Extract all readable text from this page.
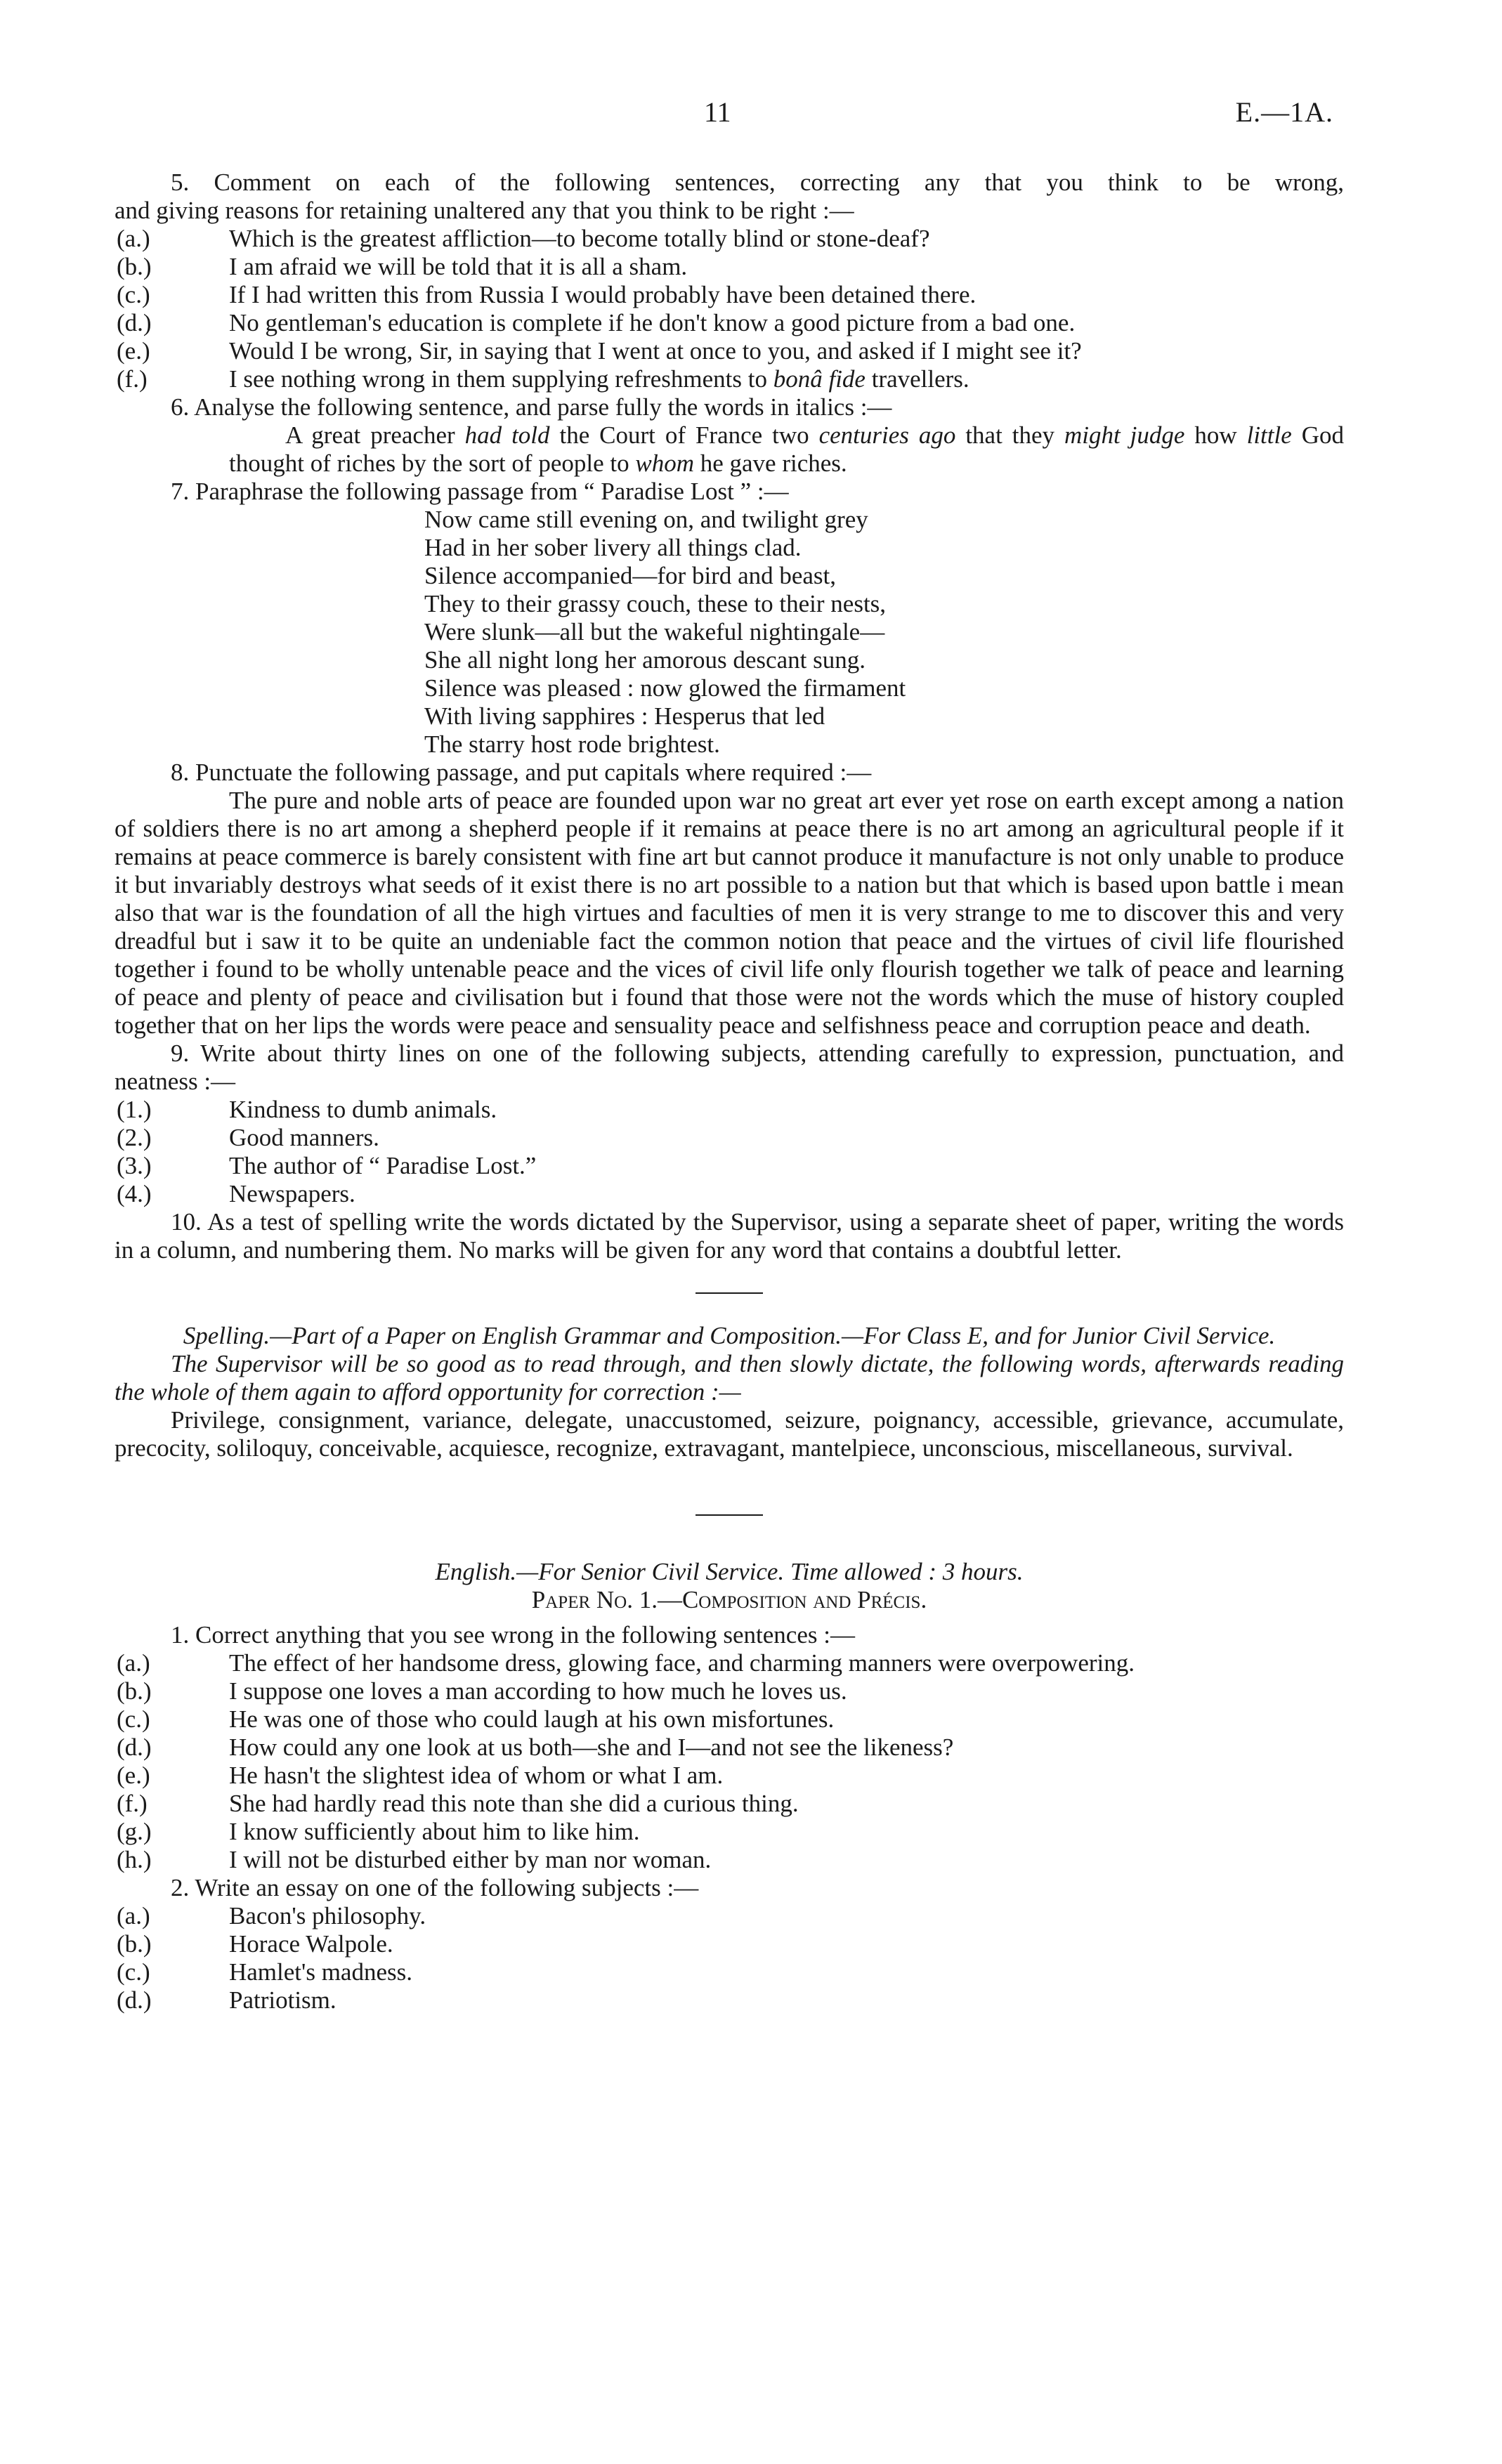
11	E.—1A.
5. Comment on each of the following sentences, correcting any that you think to be wrong,
and giving reasons for retaining unaltered any that you think to be right :—
(a.)	Which is the greatest affliction—to become totally blind or stone-deaf?
(b.)	I am afraid we will be told that it is all a sham.
(c.)	If I had written this from Russia I would probably have been detained there.
(d.)	No gentleman's education is complete if he don't know a good picture from a bad one.
(e.)	Would I be wrong, Sir, in saying that I went at once to you, and asked if I might see it?
(f.)	I see nothing wrong in them supplying refreshments to bonâ fide travellers.
6. Analyse the following sentence, and parse fully the words in italics :—
A great preacher had told the Court of France two centuries ago that they might judge how little God thought of riches by the sort of people to whom he gave riches.
7. Paraphrase the following passage from “ Paradise Lost ” :—
Now came still evening on, and twilight grey
Had in her sober livery all things clad.
Silence accompanied—for bird and beast,
They to their grassy couch, these to their nests,
Were slunk—all but the wakeful nightingale—
She all night long her amorous descant sung.
Silence was pleased : now glowed the firmament
With living sapphires : Hesperus that led
The starry host rode brightest.
8. Punctuate the following passage, and put capitals where required :—
The pure and noble arts of peace are founded upon war no great art ever yet rose on earth except among a nation of soldiers there is no art among a shepherd people if it remains at peace there is no art among an agricultural people if it remains at peace commerce is barely consistent with fine art but cannot produce it manufacture is not only unable to produce it but invariably destroys what seeds of it exist there is no art possible to a nation but that which is based upon battle i mean also that war is the foundation of all the high virtues and faculties of men it is very strange to me to discover this and very dreadful but i saw it to be quite an undeniable fact the common notion that peace and the virtues of civil life flourished together i found to be wholly untenable peace and the vices of civil life only flourish together we talk of peace and learning of peace and plenty of peace and civilisation but i found that those were not the words which the muse of history coupled together that on her lips the words were peace and sensuality peace and selfishness peace and corruption peace and death.
9. Write about thirty lines on one of the following subjects, attending carefully to expression, punctuation, and neatness :—
(1.)	Kindness to dumb animals.
(2.)	Good manners.
(3.)	The author of “ Paradise Lost.”
(4.)	Newspapers.
10. As a test of spelling write the words dictated by the Supervisor, using a separate sheet of paper, writing the words in a column, and numbering them. No marks will be given for any word that contains a doubtful letter.
Spelling.—Part of a Paper on English Grammar and Composition.—For Class E, and for Junior Civil Service.
The Supervisor will be so good as to read through, and then slowly dictate, the following words, afterwards reading the whole of them again to afford opportunity for correction :—
Privilege, consignment, variance, delegate, unaccustomed, seizure, poignancy, accessible, grievance, accumulate, precocity, soliloquy, conceivable, acquiesce, recognize, extravagant, mantelpiece, unconscious, miscellaneous, survival.
English.—For Senior Civil Service. Time allowed : 3 hours.
Paper No. 1.—Composition and Précis.
1. Correct anything that you see wrong in the following sentences :—
(a.)	The effect of her handsome dress, glowing face, and charming manners were overpowering.
(b.)	I suppose one loves a man according to how much he loves us.
(c.)	He was one of those who could laugh at his own misfortunes.
(d.)	How could any one look at us both—she and I—and not see the likeness?
(e.)	He hasn't the slightest idea of whom or what I am.
(f.)	She had hardly read this note than she did a curious thing.
(g.)	I know sufficiently about him to like him.
(h.)	I will not be disturbed either by man nor woman.
2. Write an essay on one of the following subjects :—
(a.)	Bacon's philosophy.
(b.)	Horace Walpole.
(c.)	Hamlet's madness.
(d.)	Patriotism.
